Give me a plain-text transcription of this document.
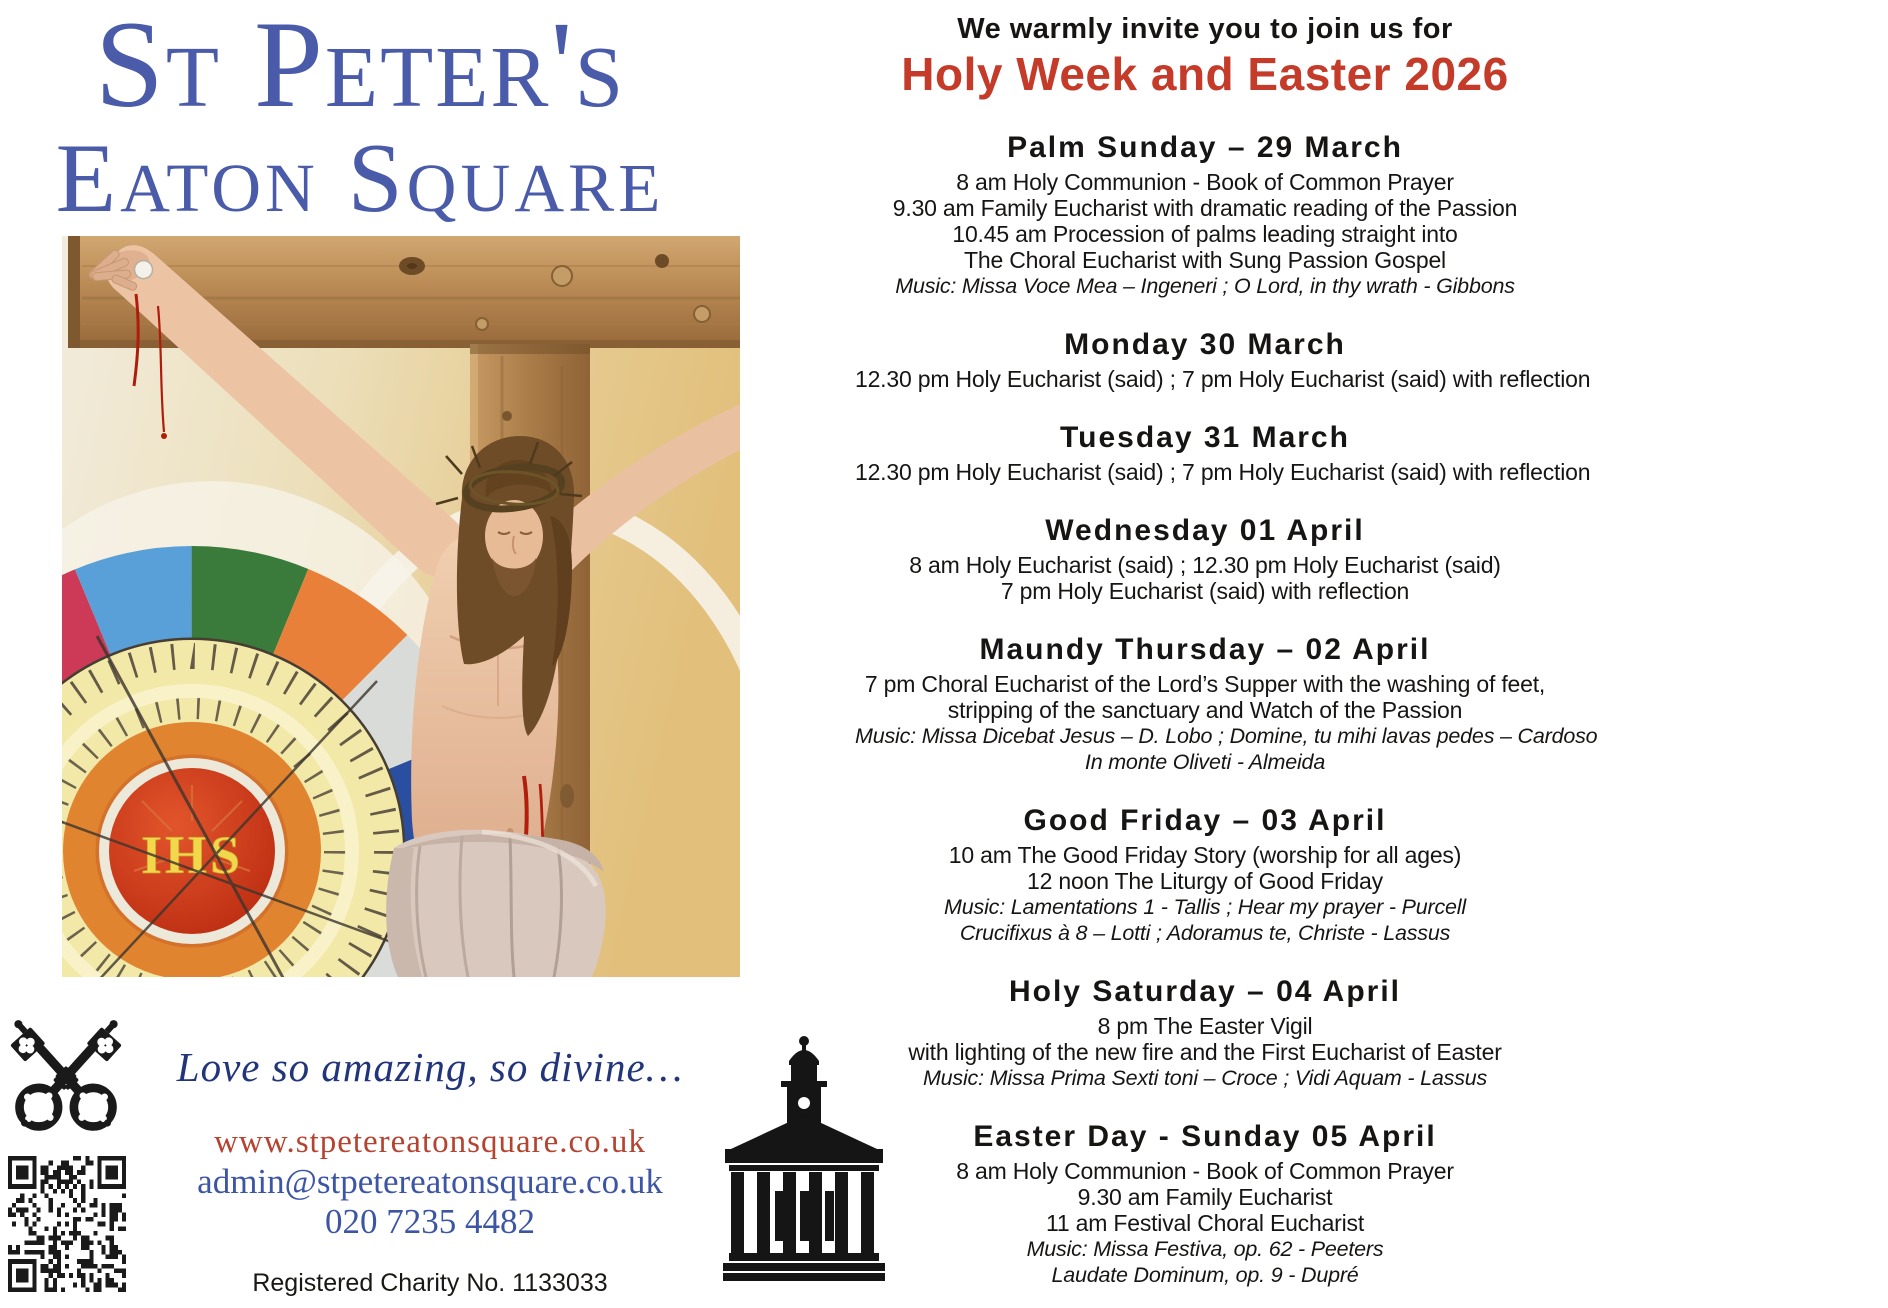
St Peter's
Eaton Square
IHS
Love so amazing, so divine…
www.stpetereatonsquare.co.uk
admin@stpetereatonsquare.co.uk
020 7235 4482
Registered Charity No. 1133033
We warmly invite you to join us for
Holy Week and Easter 2026
Palm Sunday – 29 March
8 am Holy Communion - Book of Common Prayer
9.30 am Family Eucharist with dramatic reading of the Passion
10.45 am Procession of palms leading straight into
The Choral Eucharist with Sung Passion Gospel
Music: Missa Voce Mea – Ingeneri ; O Lord, in thy wrath - Gibbons
Monday 30 March
12.30 pm Holy Eucharist (said) ; 7 pm Holy Eucharist (said) with reflection
Tuesday 31 March
12.30 pm Holy Eucharist (said) ; 7 pm Holy Eucharist (said) with reflection
Wednesday 01 April
8 am Holy Eucharist (said) ; 12.30 pm Holy Eucharist (said)
7 pm Holy Eucharist (said) with reflection
Maundy Thursday – 02 April
7 pm Choral Eucharist of the Lord’s Supper with the washing of feet,
stripping of the sanctuary and Watch of the Passion
Music: Missa Dicebat Jesus – D. Lobo ; Domine, tu mihi lavas pedes – Cardoso
In monte Oliveti - Almeida
Good Friday – 03 April
10 am The Good Friday Story (worship for all ages)
12 noon The Liturgy of Good Friday
Music: Lamentations 1 - Tallis ; Hear my prayer - Purcell
Crucifixus à 8 – Lotti ; Adoramus te, Christe - Lassus
Holy Saturday – 04 April
8 pm The Easter Vigil
with lighting of the new fire and the First Eucharist of Easter
Music: Missa Prima Sexti toni – Croce ; Vidi Aquam - Lassus
Easter Day - Sunday 05 April
8 am Holy Communion - Book of Common Prayer
9.30 am Family Eucharist
11 am Festival Choral Eucharist
Music: Missa Festiva, op. 62 - Peeters
Laudate Dominum, op. 9 - Dupré
